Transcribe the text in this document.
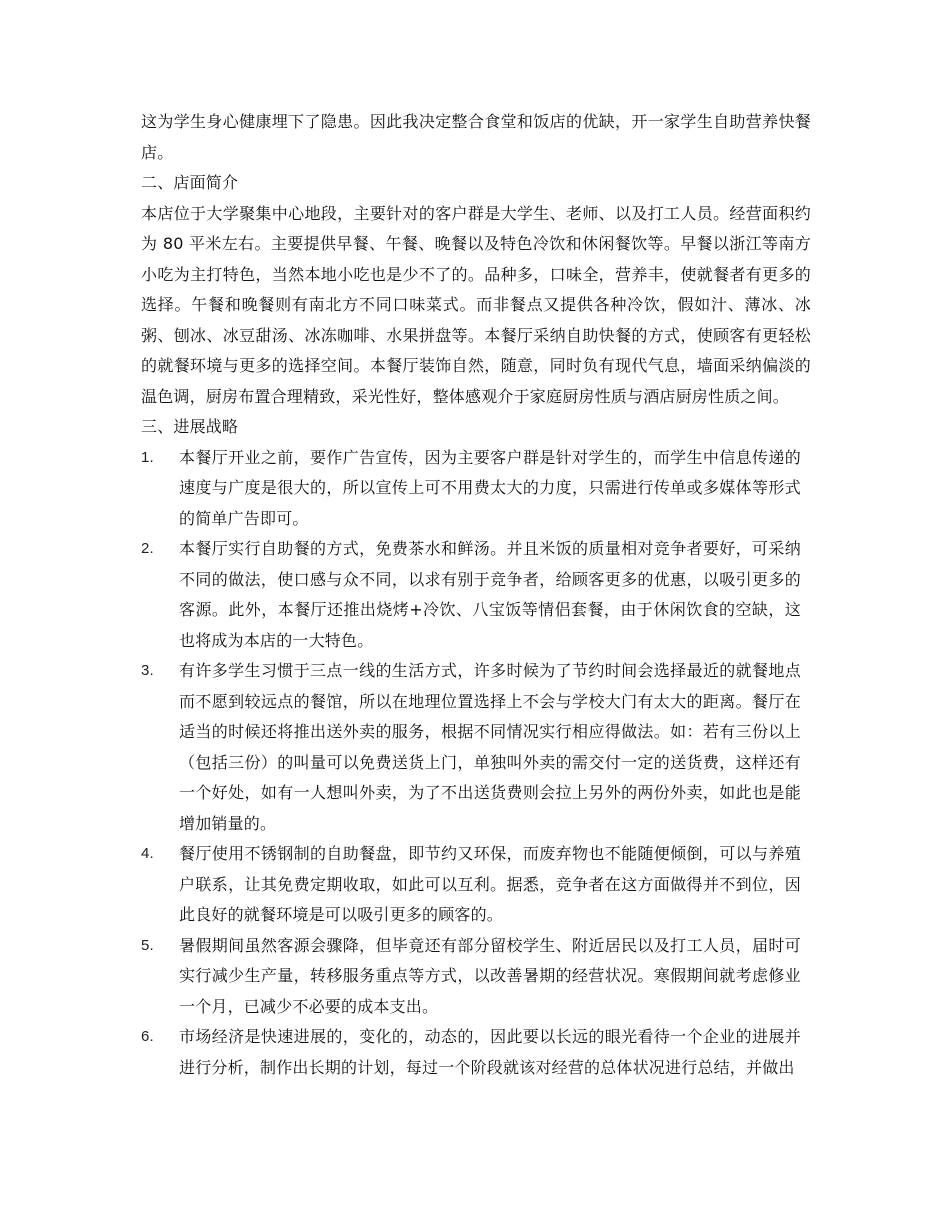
这为学生身心健康埋下了隐患。因此我决定整合食堂和饭店的优缺，开一家学生自助营养快餐店。

二、店面简介

本店位于大学聚集中心地段，主要针对的客户群是大学生、老师、以及打工人员。经营面积约为 80 平米左右。主要提供早餐、午餐、晚餐以及特色冷饮和休闲餐饮等。早餐以浙江等南方小吃为主打特色，当然本地小吃也是少不了的。品种多，口味全，营养丰，使就餐者有更多的选择。午餐和晚餐则有南北方不同口味菜式。而非餐点又提供各种冷饮，假如汁、薄冰、冰粥、刨冰、冰豆甜汤、冰冻咖啡、水果拼盘等。本餐厅采纳自助快餐的方式，使顾客有更轻松的就餐环境与更多的选择空间。本餐厅装饰自然，随意，同时负有现代气息，墙面采纳偏淡的温色调，厨房布置合理精致，采光性好，整体感观介于家庭厨房性质与酒店厨房性质之间。

三、进展战略

1. 本餐厅开业之前，要作广告宣传，因为主要客户群是针对学生的，而学生中信息传递的速度与广度是很大的，所以宣传上可不用费太大的力度，只需进行传单或多媒体等形式的简单广告即可。
2. 本餐厅实行自助餐的方式，免费茶水和鲜汤。并且米饭的质量相对竞争者要好，可采纳不同的做法，使口感与众不同，以求有别于竞争者，给顾客更多的优惠，以吸引更多的客源。此外，本餐厅还推出烧烤+冷饮、八宝饭等情侣套餐，由于休闲饮食的空缺，这也将成为本店的一大特色。
3. 有许多学生习惯于三点一线的生活方式，许多时候为了节约时间会选择最近的就餐地点而不愿到较远点的餐馆，所以在地理位置选择上不会与学校大门有太大的距离。餐厅在适当的时候还将推出送外卖的服务，根据不同情况实行相应得做法。如：若有三份以上（包括三份）的叫量可以免费送货上门，单独叫外卖的需交付一定的送货费，这样还有一个好处，如有一人想叫外卖，为了不出送货费则会拉上另外的两份外卖，如此也是能增加销量的。
4. 餐厅使用不锈钢制的自助餐盘，即节约又环保，而废弃物也不能随便倾倒，可以与养殖户联系，让其免费定期收取，如此可以互利。据悉，竞争者在这方面做得并不到位，因此良好的就餐环境是可以吸引更多的顾客的。
5. 暑假期间虽然客源会骤降，但毕竟还有部分留校学生、附近居民以及打工人员，届时可实行减少生产量，转移服务重点等方式，以改善暑期的经营状况。寒假期间就考虑修业一个月，已减少不必要的成本支出。
6. 市场经济是快速进展的，变化的，动态的，因此要以长远的眼光看待一个企业的进展并进行分析，制作出长期的计划，每过一个阶段就该对经营的总体状况进行总结，并做出
